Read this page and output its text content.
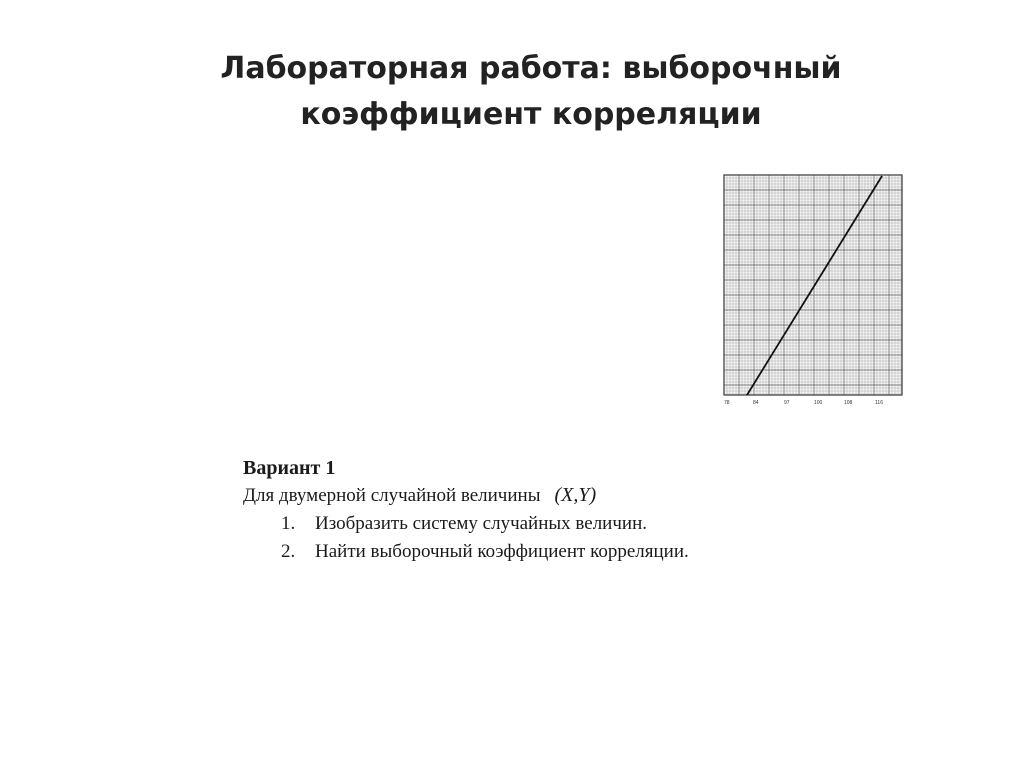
Лабораторная работа: выборочный
коэффициент корреляции
78	84	97	100	108	116
Вариант 1
Для двумерной случайной величины (X,Y)
1. Изобразить систему случайных величин.
2. Найти выборочный коэффициент корреляции.
